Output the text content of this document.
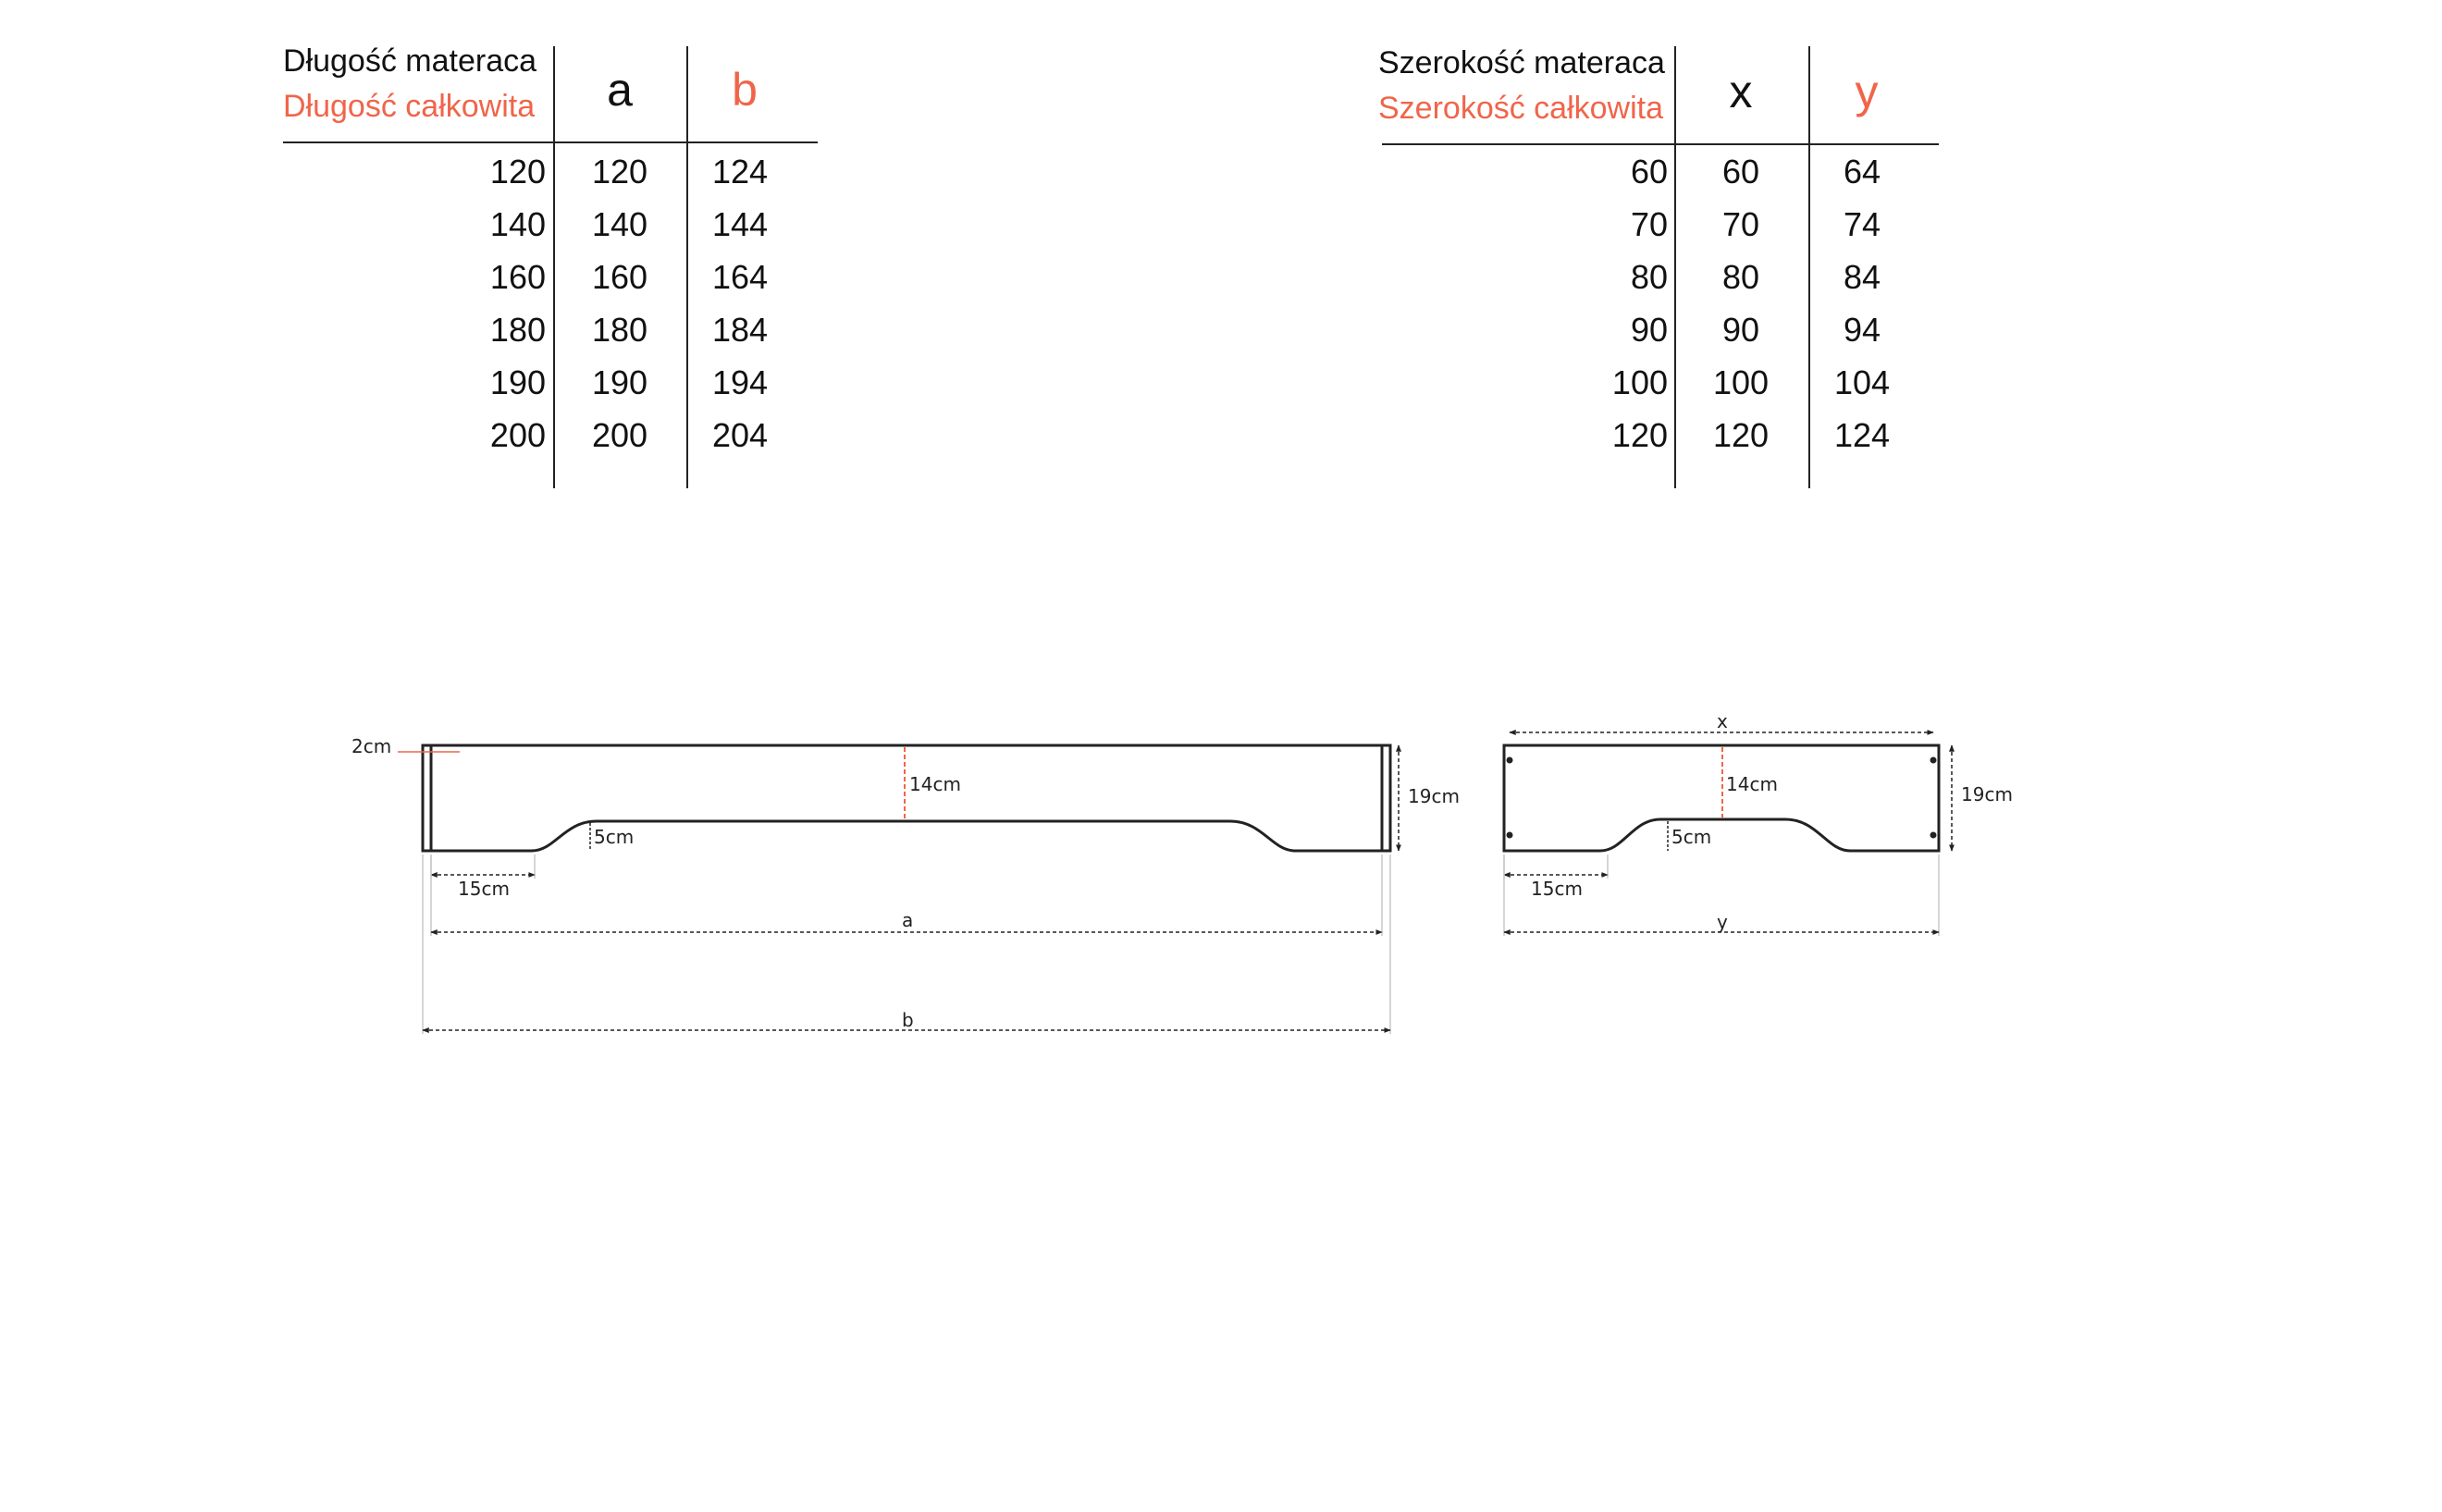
Długość materaca
Długość całkowita	a	b
120	120	124
140	140	144
160	160	164
180	180	184
190	190	194
200	200	204
Szerokość materaca
Szerokość całkowita	x	y
60	60	64
70	70	74
80	80	84
90	90	94
100	100	104
120	120	124
2cm
14cm
19cm
5cm
15cm
a
b
x
14cm	19cm
5cm
15cm
y
